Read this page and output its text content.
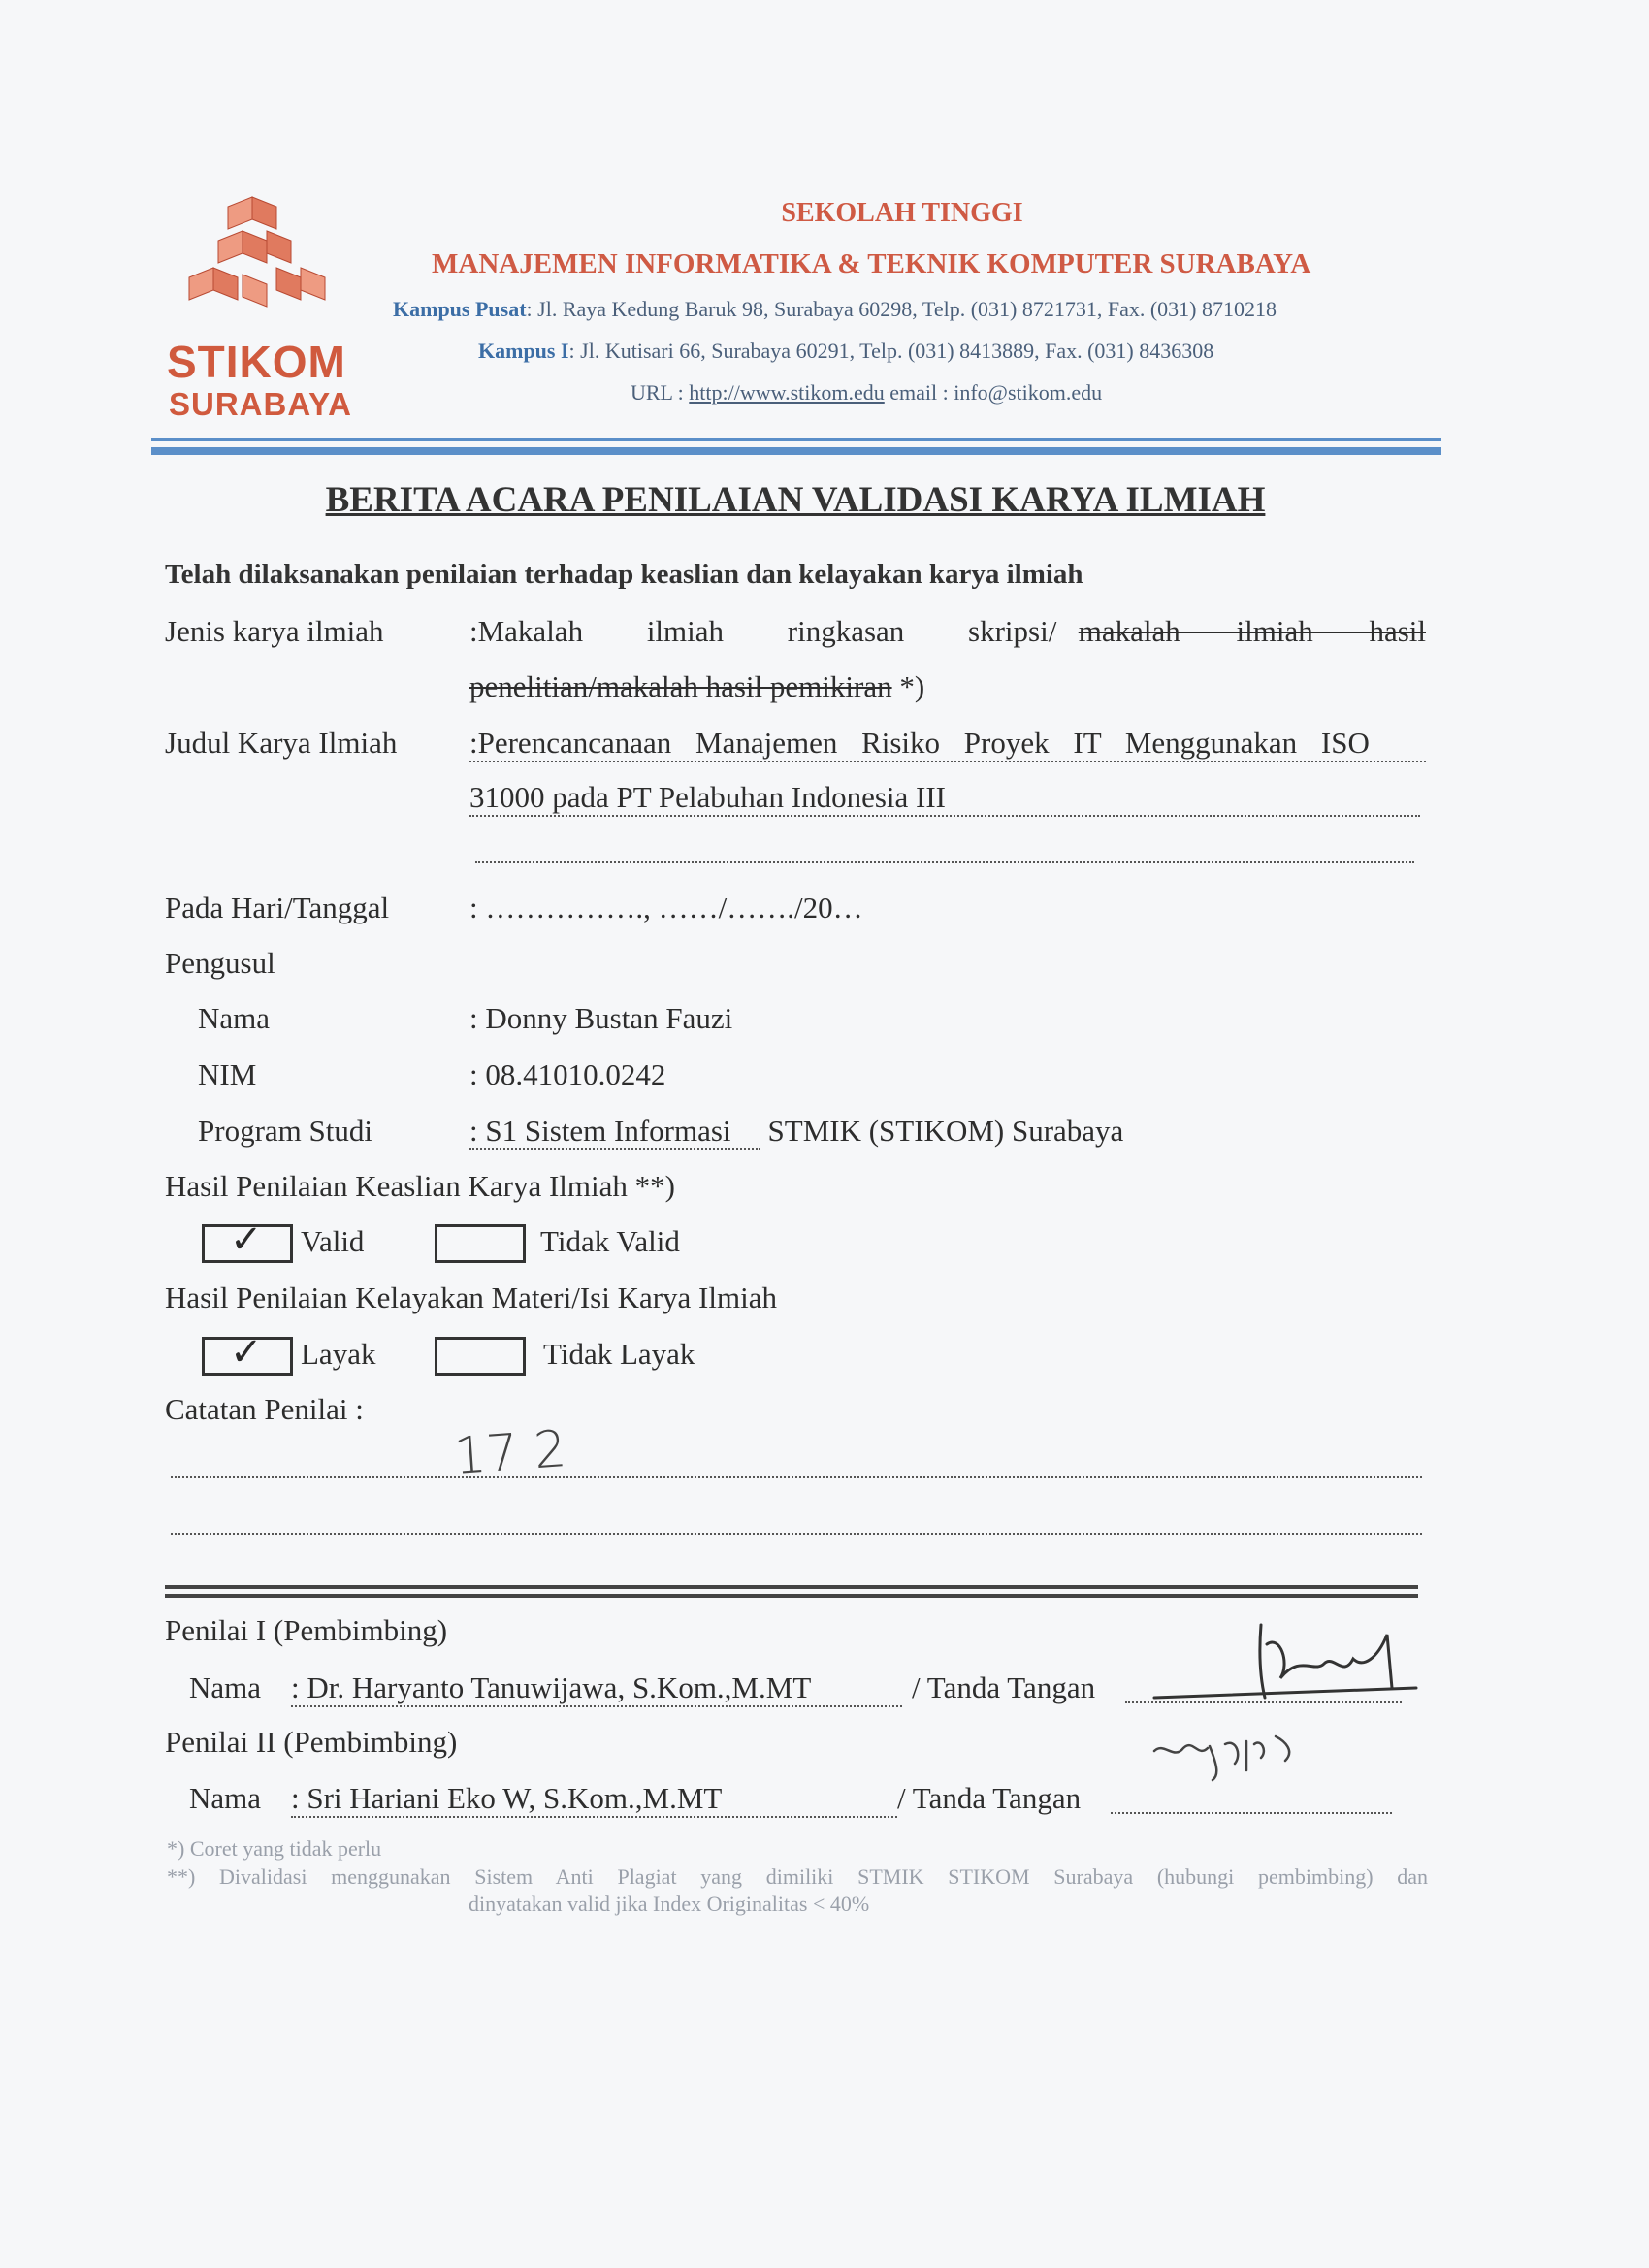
STIKOM
SURABAYA
SEKOLAH TINGGI
MANAJEMEN INFORMATIKA & TEKNIK KOMPUTER SURABAYA
Kampus Pusat: Jl. Raya Kedung Baruk 98, Surabaya 60298, Telp. (031) 8721731, Fax. (031) 8710218
Kampus I: Jl. Kutisari 66, Surabaya 60291, Telp. (031) 8413889, Fax. (031) 8436308
URL : http://www.stikom.edu email : info@stikom.edu
BERITA ACARA PENILAIAN VALIDASI KARYA ILMIAH
Telah dilaksanakan penilaian terhadap keaslian dan kelayakan karya ilmiah
Jenis karya ilmiah	:Makalah ilmiah ringkasan skripsi/ makalah ilmiah hasil
penelitian/makalah hasil pemikiran *)
Judul Karya Ilmiah :Perencancanaan Manajemen Risiko Proyek IT Menggunakan ISO
31000 pada PT Pelabuhan Indonesia III
Pada Hari/Tanggal	: ……………., ……/……./20…
Pengusul
Nama	: Donny Bustan Fauzi
NIM	: 08.41010.0242
Program Studi	: S1 Sistem Informasi STMIK (STIKOM) Surabaya
Hasil Penilaian Keaslian Karya Ilmiah **)
✓ Valid	Tidak Valid
Hasil Penilaian Kelayakan Materi/Isi Karya Ilmiah
✓ Layak	Tidak Layak
Catatan Penilai :
17 2
Penilai I (Pembimbing)
Nama : Dr. Haryanto Tanuwijawa, S.Kom.,M.MT	/ Tanda Tangan
Penilai II (Pembimbing)
Nama : Sri Hariani Eko W, S.Kom.,M.MT	/ Tanda Tangan
*) Coret yang tidak perlu
**) Divalidasi menggunakan Sistem Anti Plagiat yang dimiliki STMIK STIKOM Surabaya (hubungi pembimbing) dan
dinyatakan valid jika Index Originalitas < 40%
